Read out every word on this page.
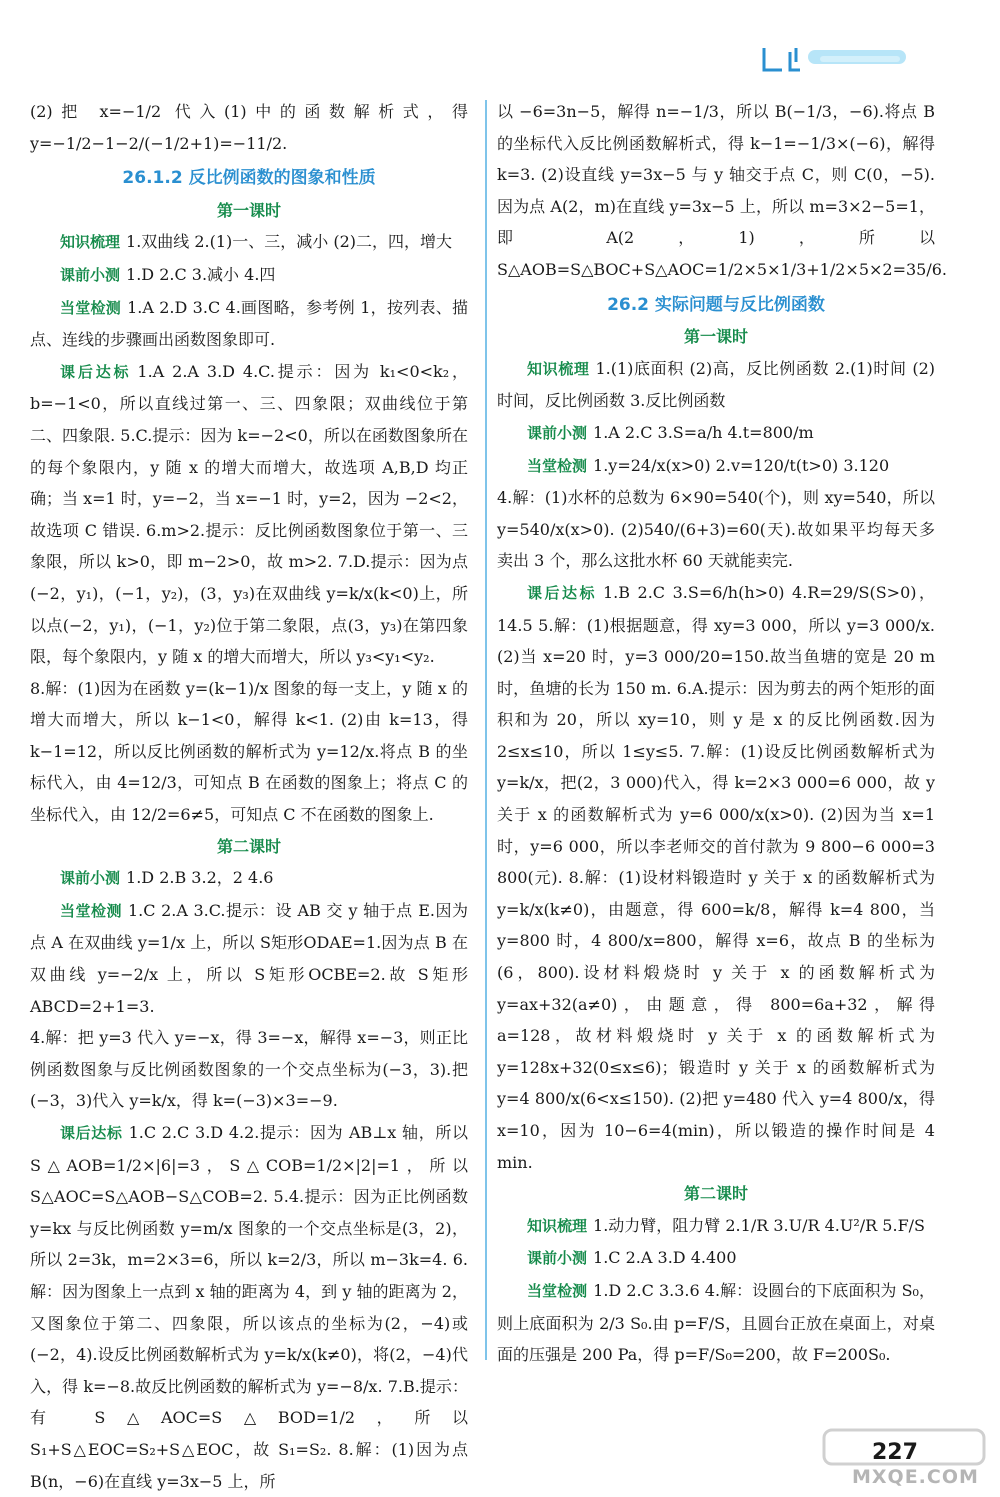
(2)把 x=−1/2 代入(1)中的函数解析式，得 y=−1/2−1−2/(−1/2+1)=−11/2.

26.1.2 反比例函数的图象和性质
第一课时

知识梳理 1.双曲线 2.(1)一、三，减小 (2)二，四，增大

课前小测 1.D 2.C 3.减小 4.四

当堂检测 1.A 2.D 3.C 4.画图略，参考例 1，按列表、描点、连线的步骤画出函数图象即可.

课后达标 1.A 2.A 3.D 4.C.提示：因为 k₁<0<k₂，b=−1<0，所以直线过第一、三、四象限；双曲线位于第二、四象限. 5.C.提示：因为 k=−2<0，所以在函数图象所在的每个象限内，y 随 x 的增大而增大，故选项 A,B,D 均正确；当 x=1 时，y=−2，当 x=−1 时，y=2，因为 −2<2，故选项 C 错误. 6.m>2.提示：反比例函数图象位于第一、三象限，所以 k>0，即 m−2>0，故 m>2. 7.D.提示：因为点(−2，y₁)，(−1，y₂)，(3，y₃)在双曲线 y=k/x(k<0)上，所以点(−2，y₁)，(−1，y₂)位于第二象限，点(3，y₃)在第四象限，每个象限内，y 随 x 的增大而增大，所以 y₃<y₁<y₂.

8.解：(1)因为在函数 y=(k−1)/x 图象的每一支上，y 随 x 的增大而增大，所以 k−1<0，解得 k<1. (2)由 k=13，得 k−1=12，所以反比例函数的解析式为 y=12/x.将点 B 的坐标代入，由 4=12/3，可知点 B 在函数的图象上；将点 C 的坐标代入，由 12/2=6≠5，可知点 C 不在函数的图象上.

第二课时

课前小测 1.D 2.B 3.2，2 4.6

当堂检测 1.C 2.A 3.C.提示：设 AB 交 y 轴于点 E.因为点 A 在双曲线 y=1/x 上，所以 S矩形ODAE=1.因为点 B 在双曲线 y=−2/x 上，所以 S矩形OCBE=2.故 S矩形ABCD=2+1=3.

4.解：把 y=3 代入 y=−x，得 3=−x，解得 x=−3，则正比例函数图象与反比例函数图象的一个交点坐标为(−3，3).把(−3，3)代入 y=k/x，得 k=(−3)×3=−9.

课后达标 1.C 2.C 3.D 4.2.提示：因为 AB⊥x 轴，所以 S△AOB=1/2×|6|=3，S△COB=1/2×|2|=1，所以 S△AOC=S△AOB−S△COB=2. 5.4.提示：因为正比例函数 y=kx 与反比例函数 y=m/x 图象的一个交点坐标是(3，2)，所以 2=3k，m=2×3=6，所以 k=2/3，所以 m−3k=4. 6.解：因为图象上一点到 x 轴的距离为 4，到 y 轴的距离为 2，又图象位于第二、四象限，所以该点的坐标为(2，−4)或(−2，4).设反比例函数解析式为 y=k/x(k≠0)，将(2，−4)代入，得 k=−8.故反比例函数的解析式为 y=−8/x. 7.B.提示：有 S△AOC=S△BOD=1/2，所以 S₁+S△EOC=S₂+S△EOC，故 S₁=S₂. 8.解：(1)因为点 B(n，−6)在直线 y=3x−5 上，所

以 −6=3n−5，解得 n=−1/3，所以 B(−1/3，−6).将点 B 的坐标代入反比例函数解析式，得 k−1=−1/3×(−6)，解得 k=3. (2)设直线 y=3x−5 与 y 轴交于点 C，则 C(0，−5).因为点 A(2，m)在直线 y=3x−5 上，所以 m=3×2−5=1，即 A(2，1)，所以 S△AOB=S△BOC+S△AOC=1/2×5×1/3+1/2×5×2=35/6.

26.2 实际问题与反比例函数
第一课时

知识梳理 1.(1)底面积 (2)高，反比例函数 2.(1)时间 (2)时间，反比例函数 3.反比例函数

课前小测 1.A 2.C 3.S=a/h 4.t=800/m

当堂检测 1.y=24/x(x>0) 2.v=120/t(t>0) 3.120

4.解：(1)水杯的总数为 6×90=540(个)，则 xy=540，所以 y=540/x(x>0). (2)540/(6+3)=60(天).故如果平均每天多卖出 3 个，那么这批水杯 60 天就能卖完.

课后达标 1.B 2.C 3.S=6/h(h>0) 4.R=29/S(S>0)，14.5 5.解：(1)根据题意，得 xy=3 000，所以 y=3 000/x. (2)当 x=20 时，y=3 000/20=150.故当鱼塘的宽是 20 m 时，鱼塘的长为 150 m. 6.A.提示：因为剪去的两个矩形的面积和为 20，所以 xy=10，则 y 是 x 的反比例函数.因为 2≤x≤10，所以 1≤y≤5. 7.解：(1)设反比例函数解析式为 y=k/x，把(2，3 000)代入，得 k=2×3 000=6 000，故 y 关于 x 的函数解析式为 y=6 000/x(x>0). (2)因为当 x=1 时，y=6 000，所以李老师交的首付款为 9 800−6 000=3 800(元). 8.解：(1)设材料锻造时 y 关于 x 的函数解析式为 y=k/x(k≠0)，由题意，得 600=k/8，解得 k=4 800，当 y=800 时，4 800/x=800，解得 x=6，故点 B 的坐标为(6，800).设材料煅烧时 y 关于 x 的函数解析式为 y=ax+32(a≠0)，由题意，得 800=6a+32，解得 a=128，故材料煅烧时 y 关于 x 的函数解析式为 y=128x+32(0≤x≤6)；锻造时 y 关于 x 的函数解析式为 y=4 800/x(6<x≤150). (2)把 y=480 代入 y=4 800/x，得 x=10，因为 10−6=4(min)，所以锻造的操作时间是 4 min.

第二课时

知识梳理 1.动力臂，阻力臂 2.1/R 3.U/R 4.U²/R 5.F/S

课前小测 1.C 2.A 3.D 4.400

当堂检测 1.D 2.C 3.3.6 4.解：设圆台的下底面积为 S₀，则上底面积为 2/3 S₀.由 p=F/S，且圆台正放在桌面上，对桌面的压强是 200 Pa，得 p=F/S₀=200，故 F=200S₀.

227
MXQE.COM
